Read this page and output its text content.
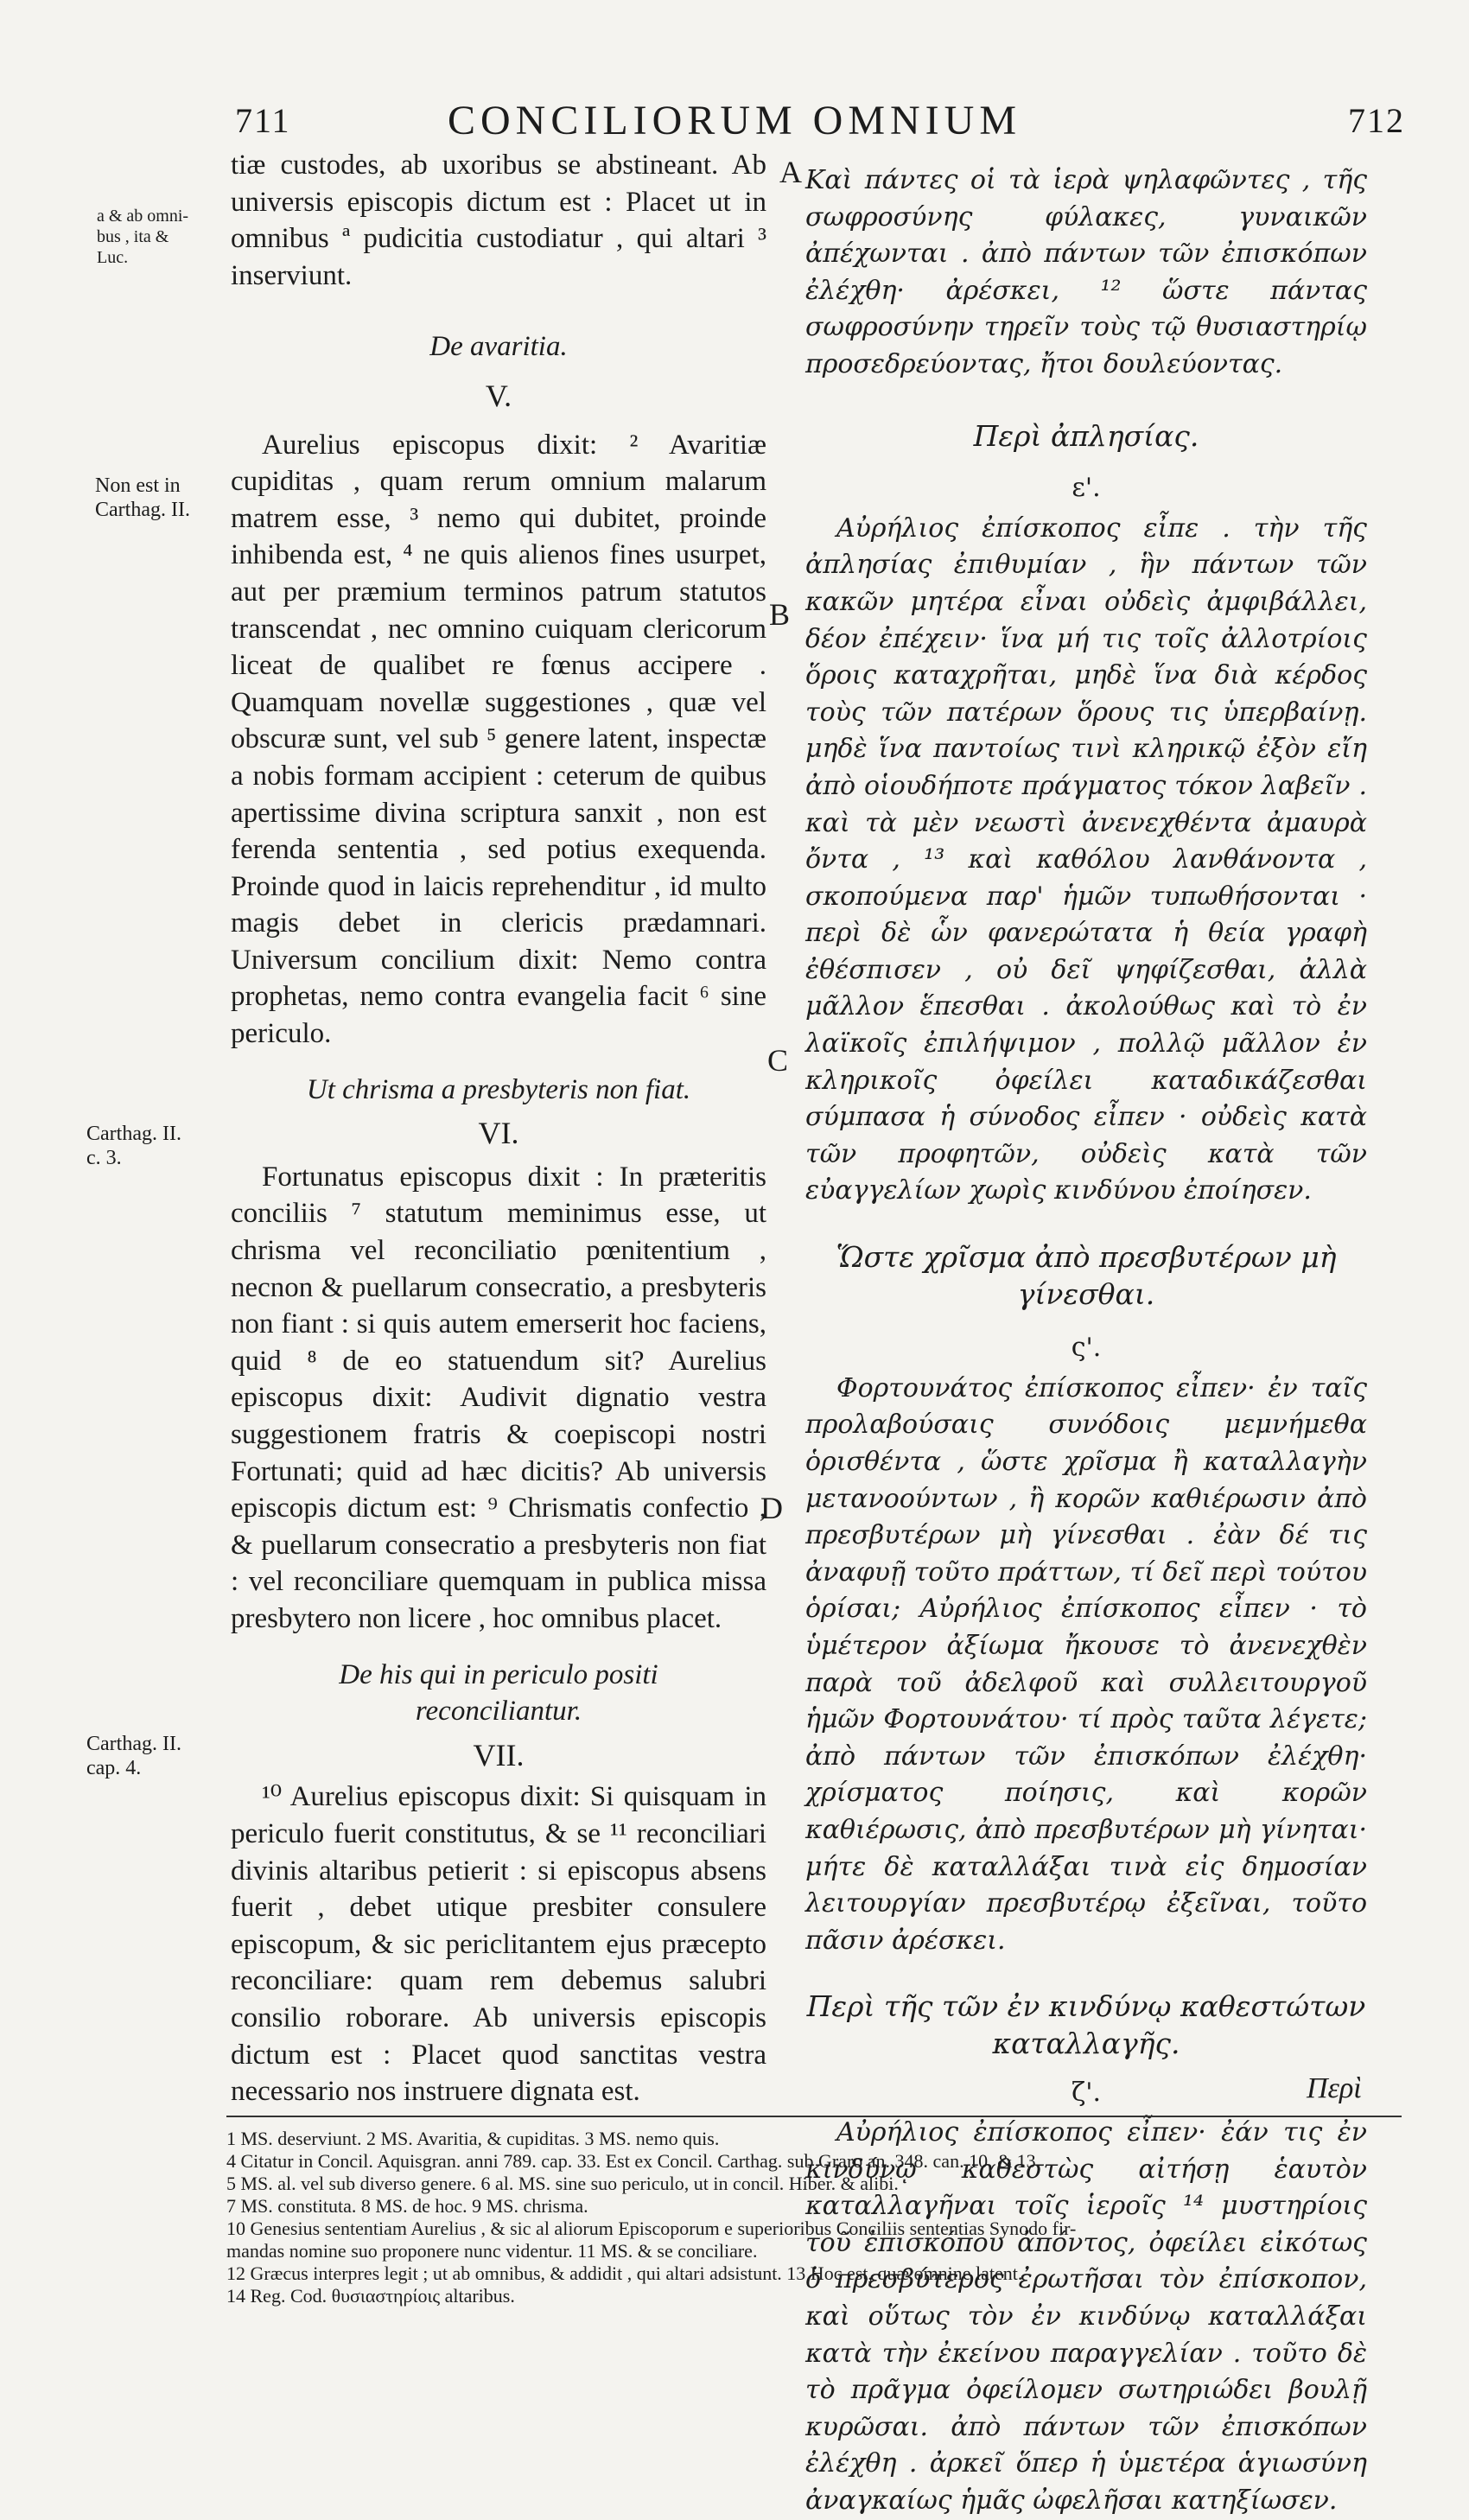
711	CONCILIORUM OMNIUM	712
a & ab omni-
bus , ita &
Luc.
Non est in
Carthag. II.
Carthag. II.
c. 3.
Carthag. II.
cap. 4.
A
B
C
D

tiæ custodes, ab uxoribus se abstineant. Ab universis episcopis dictum est : Placet ut in omnibus ª pudicitia custodiatur , qui altari ³ inserviunt.

De avaritia.

V.

Aurelius episcopus dixit: ² Avaritiæ cupiditas , quam rerum omnium malarum matrem esse, ³ nemo qui dubitet, proinde inhibenda est, ⁴ ne quis alienos fines usurpet, aut per præmium terminos patrum statutos transcendat , nec omnino cuiquam clericorum liceat de qualibet re fœnus accipere . Quamquam novellæ suggestiones , quæ vel obscuræ sunt, vel sub ⁵ genere latent, inspectæ a nobis formam accipient : ceterum de quibus apertissime divina scriptura sanxit , non est ferenda sententia , sed potius exequenda. Proinde quod in laicis reprehenditur , id multo magis debet in clericis prædamnari. Universum concilium dixit: Nemo contra prophetas, nemo contra evangelia facit ⁶ sine periculo.

Ut chrisma a presbyteris non fiat.

VI.

Fortunatus episcopus dixit : In præteritis conciliis ⁷ statutum meminimus esse, ut chrisma vel reconciliatio pœnitentium , necnon & puellarum consecratio, a presbyteris non fiant : si quis autem emerserit hoc faciens, quid ⁸ de eo statuendum sit? Aurelius episcopus dixit: Audivit dignatio vestra suggestionem fratris & coepiscopi nostri Fortunati; quid ad hæc dicitis? Ab universis episcopis dictum est: ⁹ Chrismatis confectio , & puellarum consecratio a presbyteris non fiat : vel reconciliare quemquam in publica missa presbytero non licere , hoc omnibus placet.

De his qui in periculo positi

reconciliantur.

VII.

¹⁰ Aurelius episcopus dixit: Si quisquam in periculo fuerit constitutus, & se ¹¹ reconciliari divinis altaribus petierit : si episcopus absens fuerit , debet utique presbiter consulere episcopum, & sic periclitantem ejus præcepto reconciliare: quam rem debemus salubri consilio roborare. Ab universis episcopis dictum est : Placet quod sanctitas vestra necessario nos instruere dignata est.

Καὶ πάντες οἱ τὰ ἱερὰ ψηλαφῶντες , τῆς σωφροσύνης φύλακες, γυναικῶν ἀπέχωνται . ἀπὸ πάντων τῶν ἐπισκόπων ἐλέχθη· ἀρέσκει, ¹² ὥστε πάντας σωφροσύνην τηρεῖν τοὺς τῷ θυσιαστηρίῳ προσεδρεύοντας, ἤτοι δουλεύοντας.

Περὶ ἀπλησίας.

ε'.

Αὐρήλιος ἐπίσκοπος εἶπε . τὴν τῆς ἀπλησίας ἐπιθυμίαν , ἣν πάντων τῶν κακῶν μητέρα εἶναι οὐδεὶς ἀμφιβάλλει, δέον ἐπέχειν· ἵνα μή τις τοῖς ἀλλοτρίοις ὅροις καταχρῆται, μηδὲ ἵνα διὰ κέρδος τοὺς τῶν πατέρων ὅρους τις ὑπερβαίνῃ. μηδὲ ἵνα παντοίως τινὶ κληρικῷ ἐξὸν εἴη ἀπὸ οἱουδήποτε πράγματος τόκον λαβεῖν . καὶ τὰ μὲν νεωστὶ ἀνενεχθέντα ἀμαυρὰ ὄντα , ¹³ καὶ καθόλου λανθάνοντα , σκοπούμενα παρ' ἡμῶν τυπωθήσονται · περὶ δὲ ὧν φανερώτατα ἡ θεία γραφὴ ἐθέσπισεν , οὐ δεῖ ψηφίζεσθαι, ἀλλὰ μᾶλλον ἕπεσθαι . ἀκολούθως καὶ τὸ ἐν λαϊκοῖς ἐπιλήψιμον , πολλῷ μᾶλλον ἐν κληρικοῖς ὀφείλει καταδικάζεσθαι σύμπασα ἡ σύνοδος εἶπεν · οὐδεὶς κατὰ τῶν προφητῶν, οὐδεὶς κατὰ τῶν εὐαγγελίων χωρὶς κινδύνου ἐποίησεν.

Ὥστε χρῖσμα ἀπὸ πρεσβυτέρων μὴ γίνεσθαι.

ς'.

Φορτουνάτος ἐπίσκοπος εἶπεν· ἐν ταῖς προλαβούσαις συνόδοις μεμνήμεθα ὁρισθέντα , ὥστε χρῖσμα ἢ καταλλαγὴν μετανοούντων , ἢ κορῶν καθιέρωσιν ἀπὸ πρεσβυτέρων μὴ γίνεσθαι . ἐὰν δέ τις ἀναφυῇ τοῦτο πράττων, τί δεῖ περὶ τούτου ὁρίσαι; Αὐρήλιος ἐπίσκοπος εἶπεν · τὸ ὑμέτερον ἀξίωμα ἤκουσε τὸ ἀνενεχθὲν παρὰ τοῦ ἀδελφοῦ καὶ συλλειτουργοῦ ἡμῶν Φορτουνάτου· τί πρὸς ταῦτα λέγετε; ἀπὸ πάντων τῶν ἐπισκόπων ἐλέχθη· χρίσματος ποίησις, καὶ κορῶν καθιέρωσις, ἀπὸ πρεσβυτέρων μὴ γίνηται· μήτε δὲ καταλλάξαι τινὰ εἰς δημοσίαν λειτουργίαν πρεσβυτέρῳ ἐξεῖναι, τοῦτο πᾶσιν ἀρέσκει.

Περὶ τῆς τῶν ἐν κινδύνῳ καθεστώτων

καταλλαγῆς.

ζ'.

Αὐρήλιος ἐπίσκοπος εἶπεν· ἐάν τις ἐν κινδύνῳ καθεστὼς αἰτήσῃ ἑαυτὸν καταλλαγῆναι τοῖς ἱεροῖς ¹⁴ μυστηρίοις τοῦ ἐπισκόπου ἀπόντος, ὀφείλει εἰκότως ὁ πρεσβύτερος ἐρωτῆσαι τὸν ἐπίσκοπον, καὶ οὕτως τὸν ἐν κινδύνῳ καταλλάξαι κατὰ τὴν ἐκείνου παραγγελίαν . τοῦτο δὲ τὸ πρᾶγμα ὀφείλομεν σωτηριώδει βουλῇ κυρῶσαι. ἀπὸ πάντων τῶν ἐπισκόπων ἐλέχθη . ἀρκεῖ ὅπερ ἡ ὑμετέρα ἁγιωσύνη ἀναγκαίως ἡμᾶς ὠφελῆσαι κατηξίωσεν.

Περὶ

1 MS. deserviunt. 2 MS. Avaritia, & cupiditas. 3 MS. nemo quis.

4 Citatur in Concil. Aquisgran. anni 789. cap. 33. Est ex Concil. Carthag. sub Graro an. 348. can. 10. & 13.

5 MS. al. vel sub diverso genere. 6 al. MS. sine suo periculo, ut in concil. Hiber. & alibi.

7 MS. constituta. 8 MS. de hoc. 9 MS. chrisma.

10 Genesius sententiam Aurelius , & sic al aliorum Episcoporum e superioribus Conciliis sententias Synodo fir-

mandas nomine suo proponere nunc videntur. 11 MS. & se conciliare.

12 Græcus interpres legit ; ut ab omnibus, & addidit , qui altari adsistunt. 13 Hoc est, quæ omnine latent.

14 Reg. Cod. θυσιαστηρίοις altaribus.
